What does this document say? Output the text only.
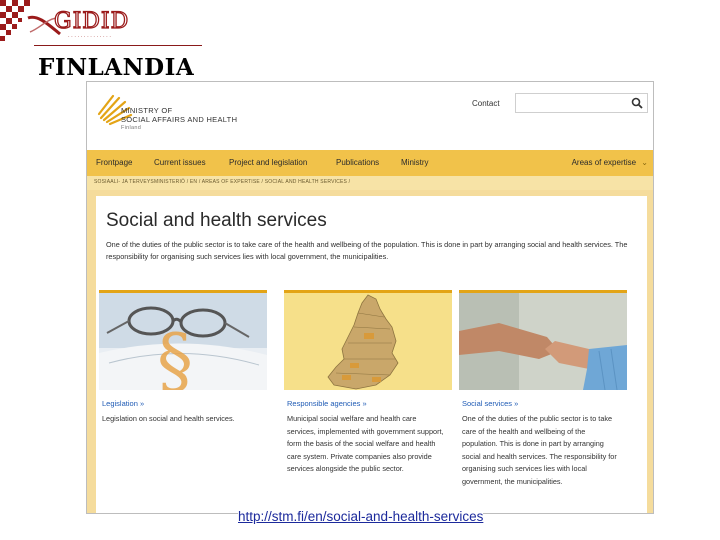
GIDID
· · · · · · · · · · · · · ·
FINLANDIA
MINISTRY OF
SOCIAL AFFAIRS AND HEALTH
Finland
Contact
Frontpage	Current issues	Project and legislation	Publications	Ministry	Areas of expertise ⌄
SOSIAALI- JA TERVEYSMINISTERIÖ / EN / AREAS OF EXPERTISE / SOCIAL AND HEALTH SERVICES /
Social and health services
One of the duties of the public sector is to take care of the health and wellbeing of the population. This is done in part by arranging social and health services. The responsibility for organising such services lies with local government, the municipalities.
§
Legislation »
Legislation on social and health services.
Responsible agencies »
Municipal social welfare and health care services, implemented with government support, form the basis of the social welfare and health care system. Private companies also provide services alongside the public sector.
Social services »
One of the duties of the public sector is to take care of the health and wellbeing of the population. This is done in part by arranging social and health services. The responsibility for organising such services lies with local government, the municipalities.
http://stm.fi/en/social-and-health-services
